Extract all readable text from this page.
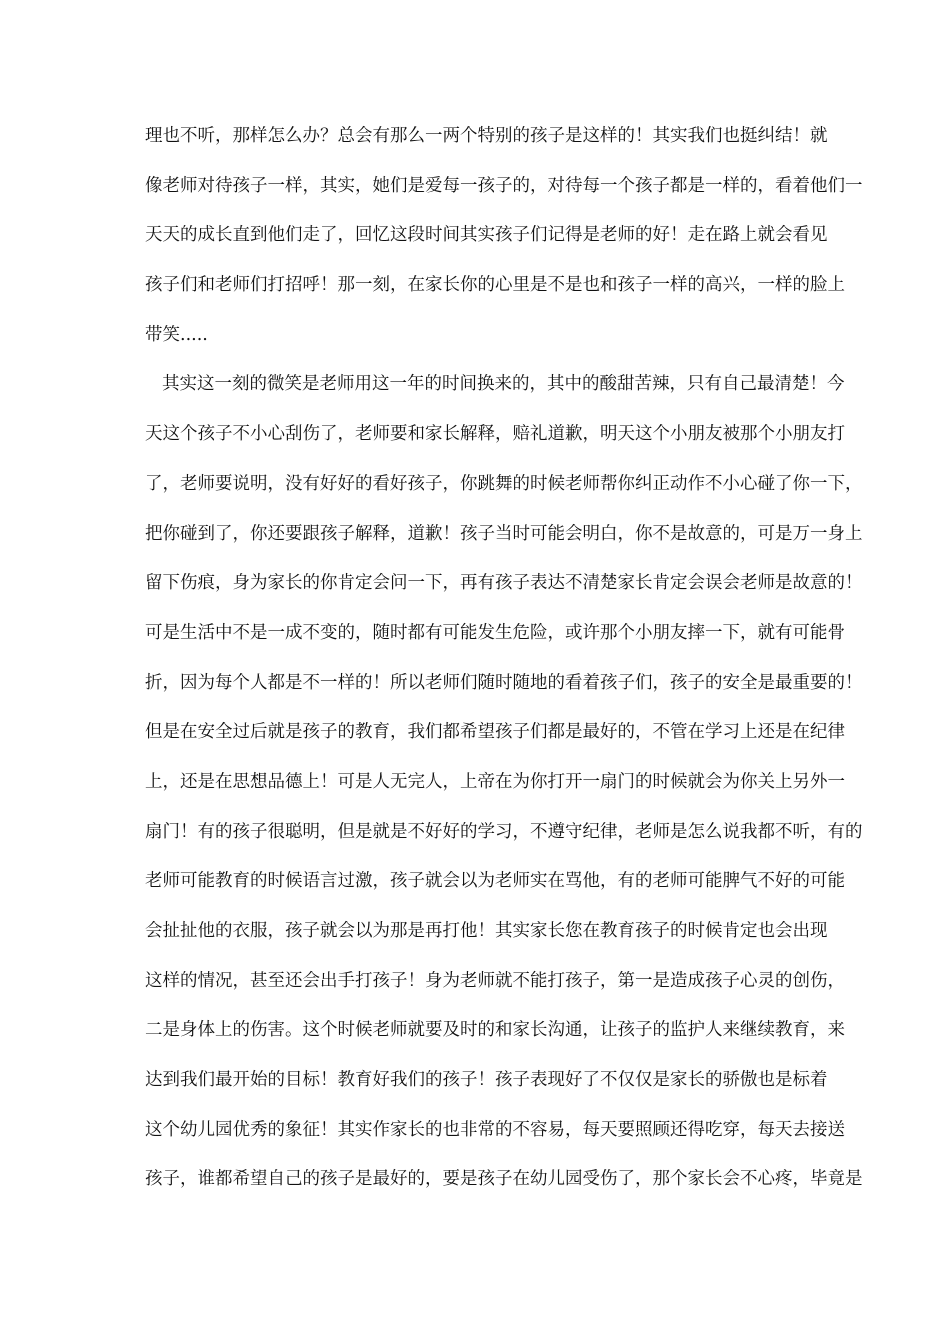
理也不听，那样怎么办？总会有那么一两个特别的孩子是这样的！其实我们也挺纠结！就
像老师对待孩子一样，其实，她们是爱每一孩子的，对待每一个孩子都是一样的，看着他们一
天天的成长直到他们走了，回忆这段时间其实孩子们记得是老师的好！走在路上就会看见
孩子们和老师们打招呼！那一刻，在家长你的心里是不是也和孩子一样的高兴，一样的脸上
带笑.....
其实这一刻的微笑是老师用这一年的时间换来的，其中的酸甜苦辣，只有自己最清楚！今
天这个孩子不小心刮伤了，老师要和家长解释，赔礼道歉，明天这个小朋友被那个小朋友打
了，老师要说明，没有好好的看好孩子，你跳舞的时候老师帮你纠正动作不小心碰了你一下，
把你碰到了，你还要跟孩子解释，道歉！孩子当时可能会明白，你不是故意的，可是万一身上
留下伤痕，身为家长的你肯定会问一下，再有孩子表达不清楚家长肯定会误会老师是故意的！
可是生活中不是一成不变的，随时都有可能发生危险，或许那个小朋友摔一下，就有可能骨
折，因为每个人都是不一样的！所以老师们随时随地的看着孩子们，孩子的安全是最重要的！
但是在安全过后就是孩子的教育，我们都希望孩子们都是最好的，不管在学习上还是在纪律
上，还是在思想品德上！可是人无完人，上帝在为你打开一扇门的时候就会为你关上另外一
扇门！有的孩子很聪明，但是就是不好好的学习，不遵守纪律，老师是怎么说我都不听，有的
老师可能教育的时候语言过激，孩子就会以为老师实在骂他，有的老师可能脾气不好的可能
会扯扯他的衣服，孩子就会以为那是再打他！其实家长您在教育孩子的时候肯定也会出现
这样的情况，甚至还会出手打孩子！身为老师就不能打孩子，第一是造成孩子心灵的创伤，
二是身体上的伤害。这个时候老师就要及时的和家长沟通，让孩子的监护人来继续教育，来
达到我们最开始的目标！教育好我们的孩子！孩子表现好了不仅仅是家长的骄傲也是标着
这个幼儿园优秀的象征！其实作家长的也非常的不容易，每天要照顾还得吃穿，每天去接送
孩子，谁都希望自己的孩子是最好的，要是孩子在幼儿园受伤了，那个家长会不心疼，毕竟是
